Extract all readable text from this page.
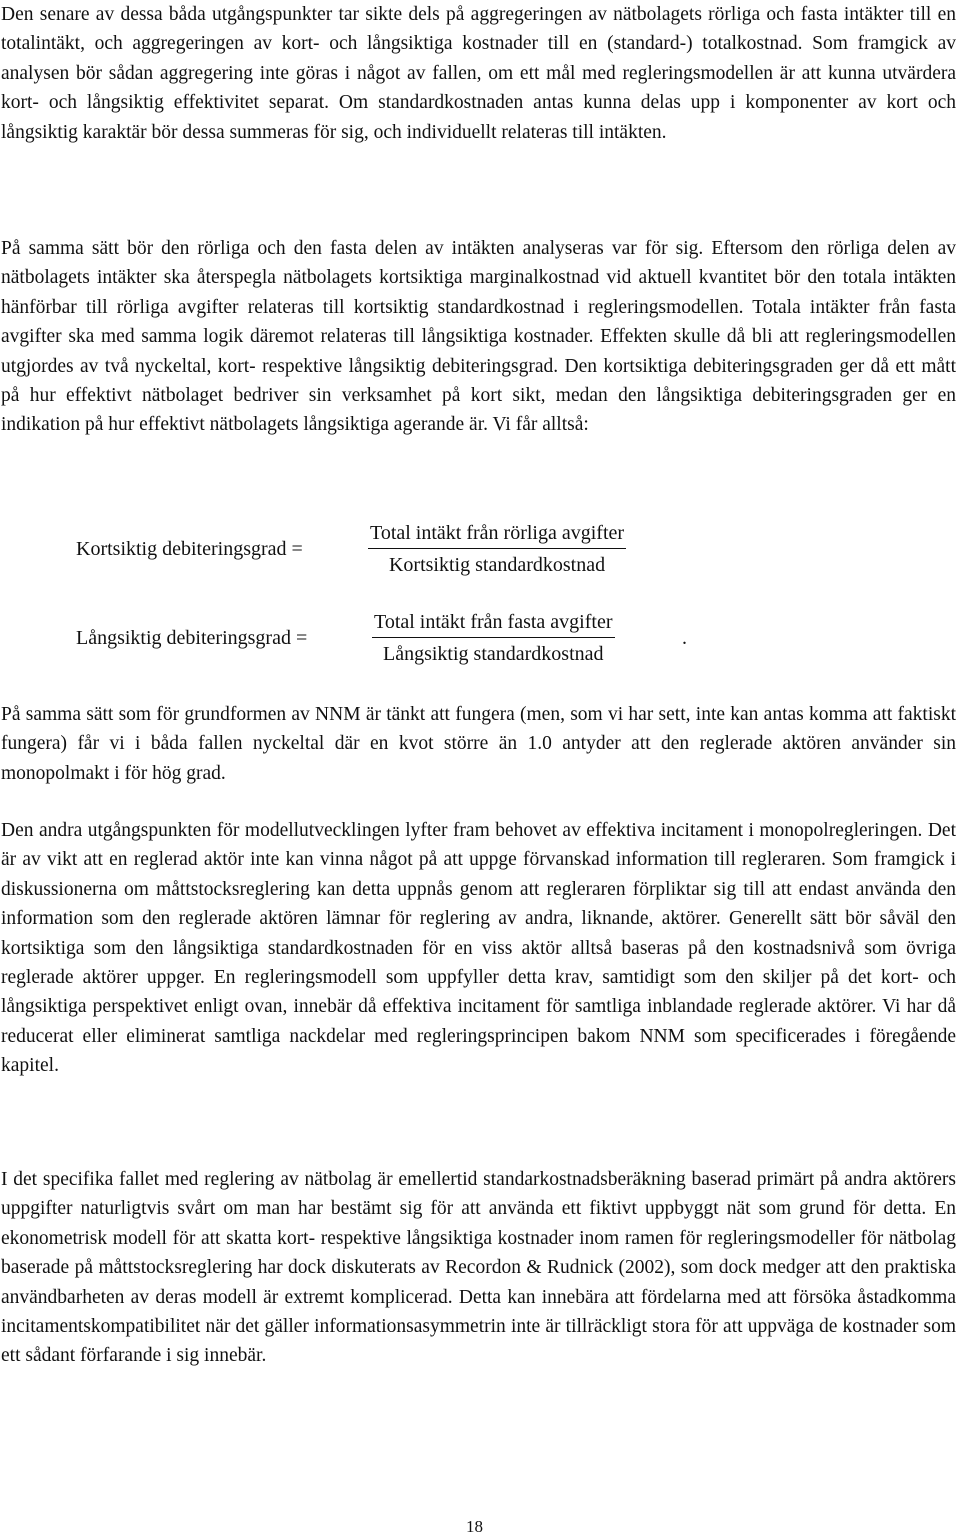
Den senare av dessa båda utgångspunkter tar sikte dels på aggregeringen av nätbolagets rörliga och fasta intäkter till en totalintäkt, och aggregeringen av kort- och långsiktiga kostnader till en (standard-) totalkostnad. Som framgick av analysen bör sådan aggregering inte göras i något av fallen, om ett mål med regleringsmodellen är att kunna utvärdera kort- och långsiktig effektivitet separat. Om standardkostnaden antas kunna delas upp i komponenter av kort och långsiktig karaktär bör dessa summeras för sig, och individuellt relateras till intäkten.

På samma sätt bör den rörliga och den fasta delen av intäkten analyseras var för sig. Eftersom den rörliga delen av nätbolagets intäkter ska återspegla nätbolagets kortsiktiga marginalkostnad vid aktuell kvantitet bör den totala intäkten hänförbar till rörliga avgifter relateras till kortsiktig standardkostnad i regleringsmodellen. Totala intäkter från fasta avgifter ska med samma logik däremot relateras till långsiktiga kostnader. Effekten skulle då bli att regleringsmodellen utgjordes av två nyckeltal, kort- respektive långsiktig debiteringsgrad. Den kortsiktiga debiteringsgraden ger då ett mått på hur effektivt nätbolaget bedriver sin verksamhet på kort sikt, medan den långsiktiga debiteringsgraden ger en indikation på hur effektivt nätbolagets långsiktiga agerande är. Vi får alltså:

Kortsiktig debiteringsgrad =
Total intäkt från rörliga avgifter
Kortsiktig standardkostnad
Långsiktig debiteringsgrad =
Total intäkt från fasta avgifter
Långsiktig standardkostnad
.

På samma sätt som för grundformen av NNM är tänkt att fungera (men, som vi har sett, inte kan antas komma att faktiskt fungera) får vi i båda fallen nyckeltal där en kvot större än 1.0 antyder att den reglerade aktören använder sin monopolmakt i för hög grad.

Den andra utgångspunkten för modellutvecklingen lyfter fram behovet av effektiva incitament i monopolregleringen. Det är av vikt att en reglerad aktör inte kan vinna något på att uppge förvanskad information till regleraren. Som framgick i diskussionerna om måttstocksreglering kan detta uppnås genom att regleraren förpliktar sig till att endast använda den information som den reglerade aktören lämnar för reglering av andra, liknande, aktörer. Generellt sätt bör såväl den kortsiktiga som den långsiktiga standardkostnaden för en viss aktör alltså baseras på den kostnadsnivå som övriga reglerade aktörer uppger. En regleringsmodell som uppfyller detta krav, samtidigt som den skiljer på det kort- och långsiktiga perspektivet enligt ovan, innebär då effektiva incitament för samtliga inblandade reglerade aktörer. Vi har då reducerat eller eliminerat samtliga nackdelar med regleringsprincipen bakom NNM som specificerades i föregående kapitel.

I det specifika fallet med reglering av nätbolag är emellertid standarkostnadsberäkning baserad primärt på andra aktörers uppgifter naturligtvis svårt om man har bestämt sig för att använda ett fiktivt uppbyggt nät som grund för detta. En ekonometrisk modell för att skatta kort- respektive långsiktiga kostnader inom ramen för regleringsmodeller för nätbolag baserade på måttstocksreglering har dock diskuterats av Recordon & Rudnick (2002), som dock medger att den praktiska användbarheten av deras modell är extremt komplicerad. Detta kan innebära att fördelarna med att försöka åstadkomma incitamentskompatibilitet när det gäller informationsasymmetrin inte är tillräckligt stora för att uppväga de kostnader som ett sådant förfarande i sig innebär.

18
